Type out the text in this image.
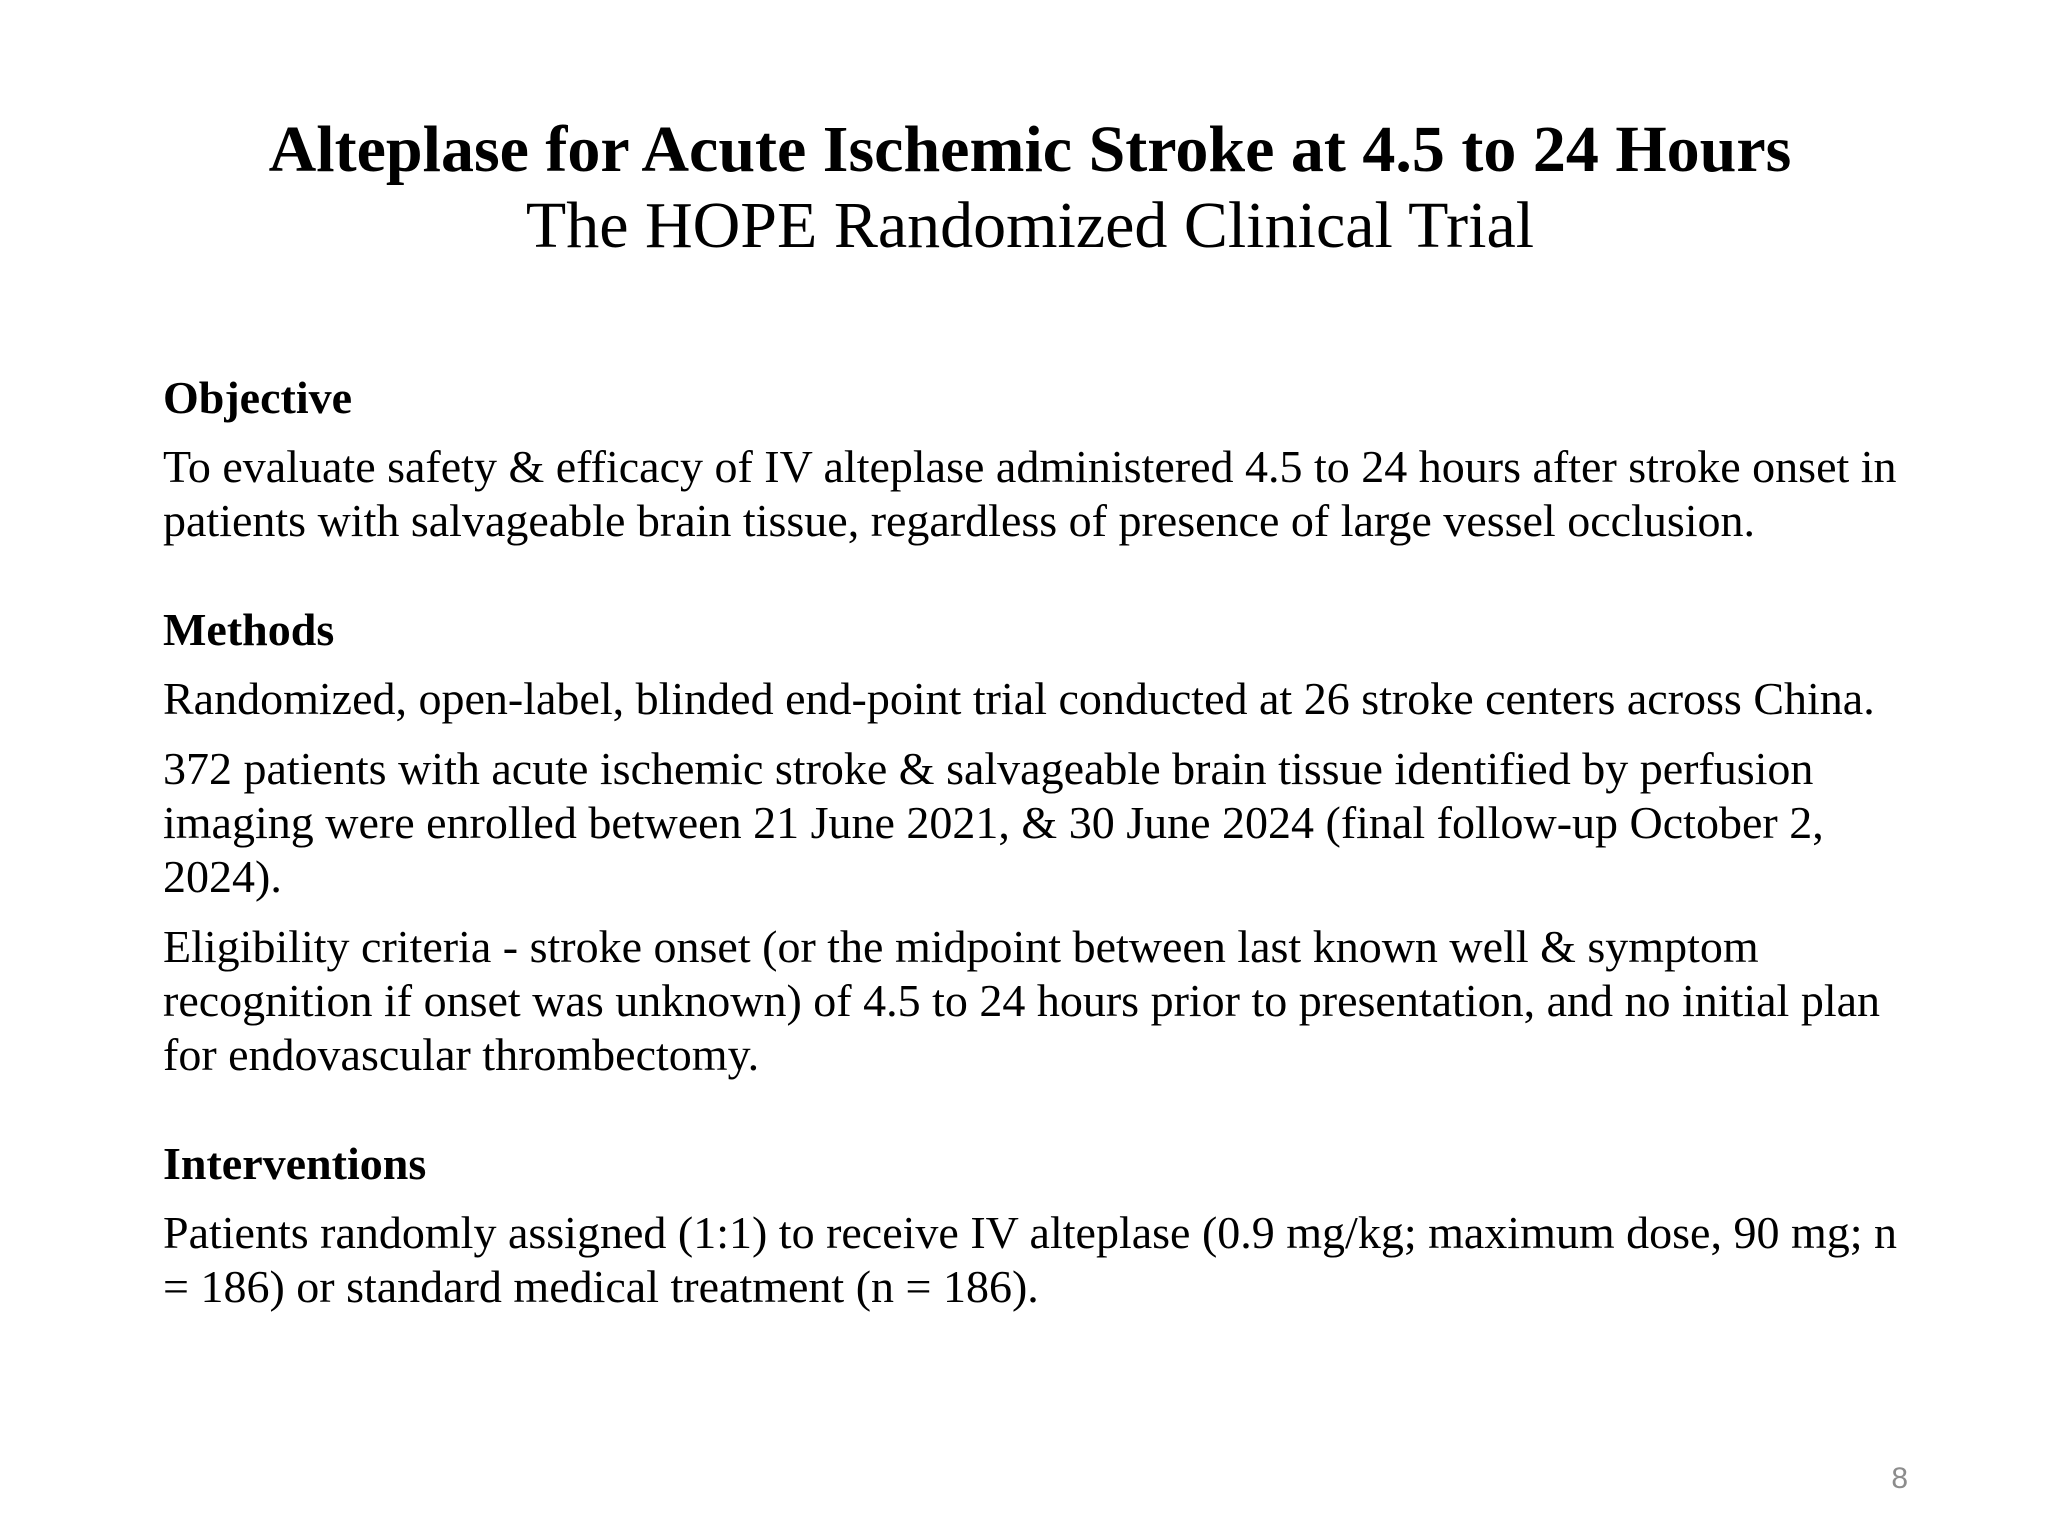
Alteplase for Acute Ischemic Stroke at 4.5 to 24 Hours
The HOPE Randomized Clinical Trial
Objective

To evaluate safety & efficacy of IV alteplase administered 4.5 to 24 hours after stroke onset in patients with salvageable brain tissue, regardless of presence of large vessel occlusion.

Methods

Randomized, open-label, blinded end-point trial conducted at 26 stroke centers across China.

372 patients with acute ischemic stroke & salvageable brain tissue identified by perfusion imaging were enrolled between 21 June 2021, & 30 June 2024 (final follow-up October 2, 2024).

Eligibility criteria - stroke onset (or the midpoint between last known well & symptom recognition if onset was unknown) of 4.5 to 24 hours prior to presentation, and no initial plan for endovascular thrombectomy.

Interventions

Patients randomly assigned (1:1) to receive IV alteplase (0.9 mg/kg; maximum dose, 90 mg; n = 186) or standard medical treatment (n = 186).

8
